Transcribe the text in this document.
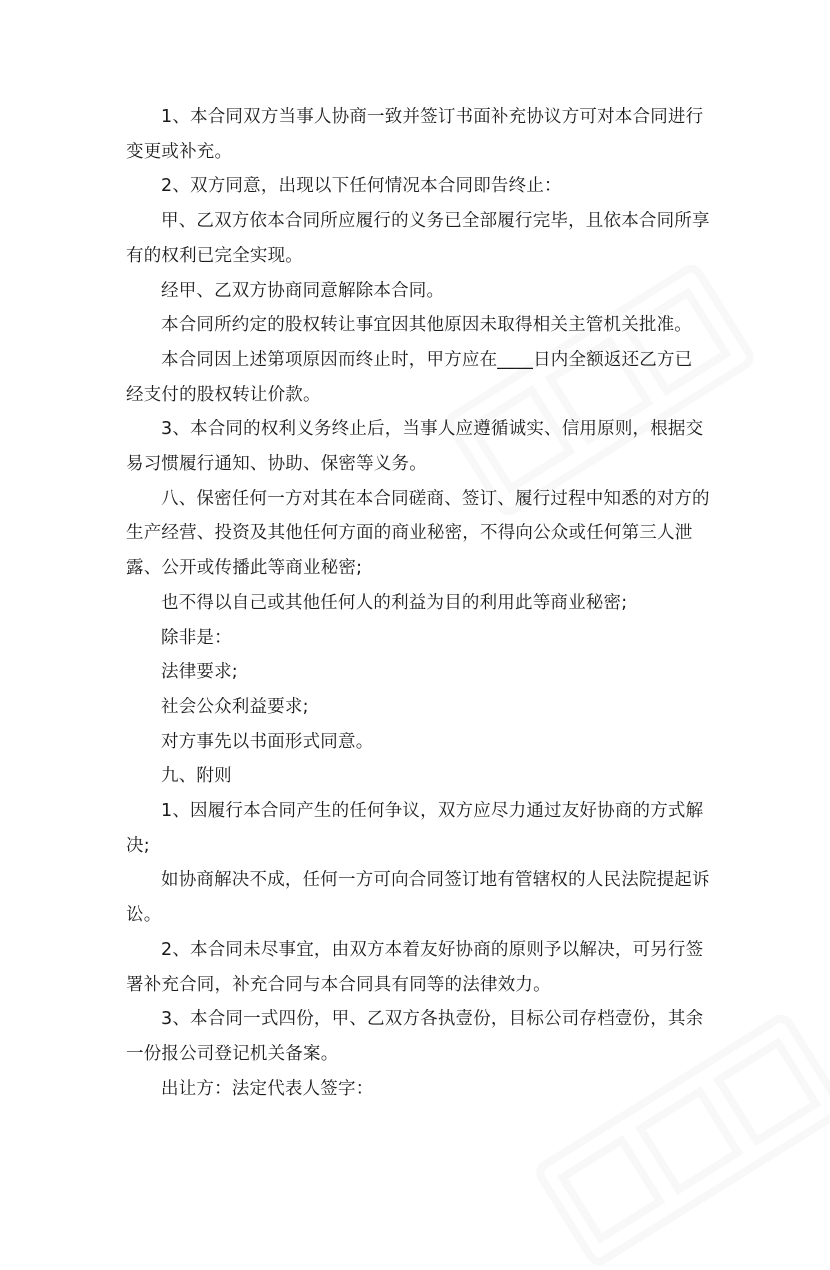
1、本合同双方当事人协商一致并签订书面补充协议方可对本合同进行变更或补充。

2、双方同意，出现以下任何情况本合同即告终止：

甲、乙双方依本合同所应履行的义务已全部履行完毕，且依本合同所享有的权利已完全实现。

经甲、乙双方协商同意解除本合同。

本合同所约定的股权转让事宜因其他原因未取得相关主管机关批准。

本合同因上述第项原因而终止时，甲方应在____日内全额返还乙方已经支付的股权转让价款。

3、本合同的权利义务终止后，当事人应遵循诚实、信用原则，根据交易习惯履行通知、协助、保密等义务。

八、保密任何一方对其在本合同磋商、签订、履行过程中知悉的对方的生产经营、投资及其他任何方面的商业秘密，不得向公众或任何第三人泄露、公开或传播此等商业秘密;

也不得以自己或其他任何人的利益为目的利用此等商业秘密;

除非是：

法律要求;

社会公众利益要求;

对方事先以书面形式同意。

九、附则

1、因履行本合同产生的任何争议，双方应尽力通过友好协商的方式解决;

如协商解决不成，任何一方可向合同签订地有管辖权的人民法院提起诉讼。

2、本合同未尽事宜，由双方本着友好协商的原则予以解决，可另行签署补充合同，补充合同与本合同具有同等的法律效力。

3、本合同一式四份，甲、乙双方各执壹份，目标公司存档壹份，其余一份报公司登记机关备案。

出让方：法定代表人签字：
